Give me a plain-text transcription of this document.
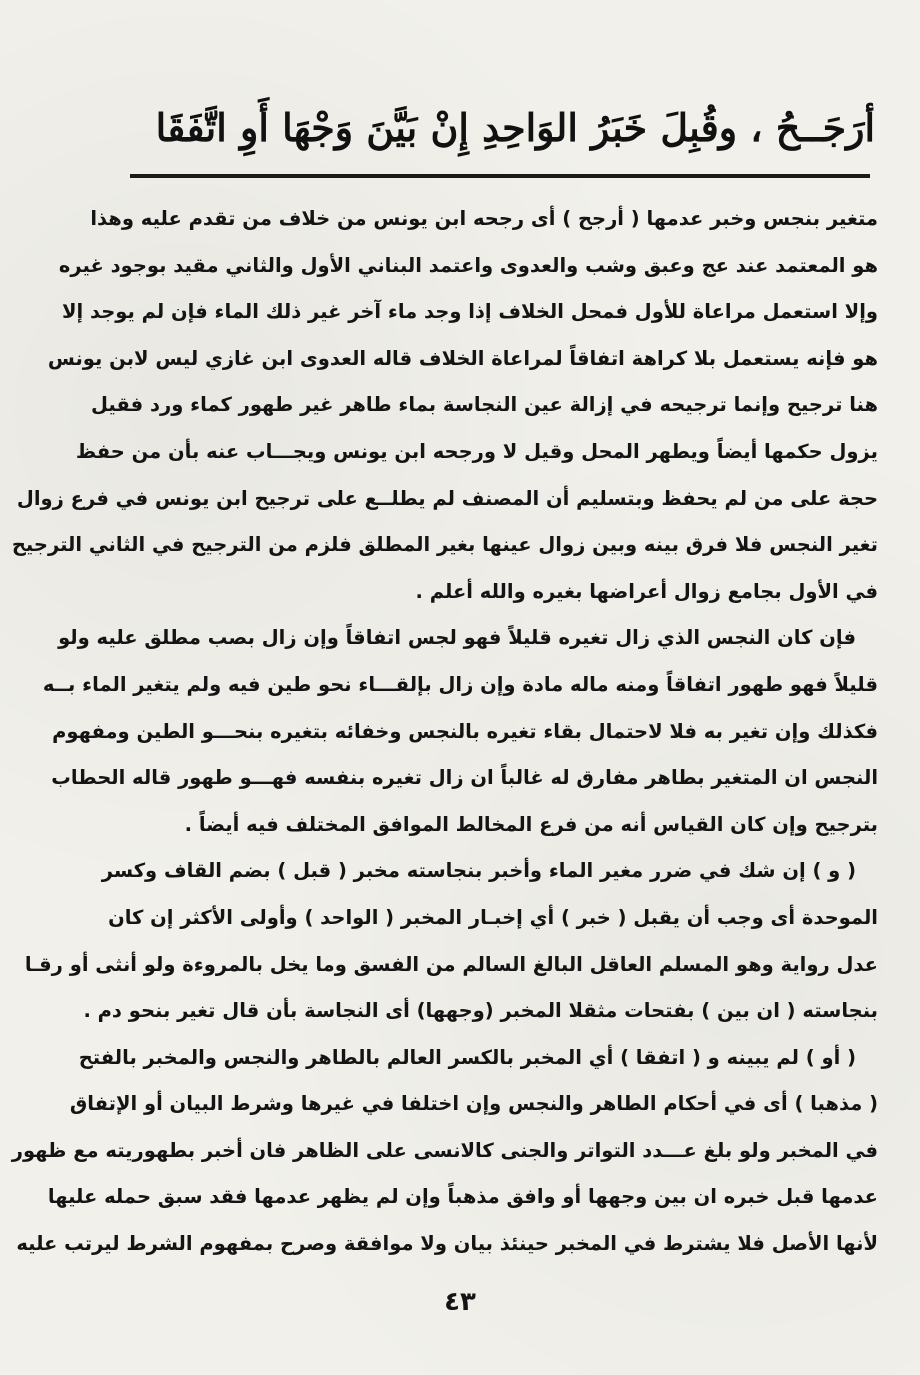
أرَجَــحُ ، وقُبِلَ خَبَرُ الوَاحِدِ إِنْ بَيَّنَ وَجْهَا أَوِ اتَّفَقَا
متغير بنجس وخبر عدمها ( أرجح ) أى رجحه ابن يونس من خلاف من تقدم عليه وهذا
هو المعتمد عند عج وعبق وشب والعدوى واعتمد البناني الأول والثاني مقيد بوجود غيره
وإلا استعمل مراعاة للأول فمحل الخلاف إذا وجد ماء آخر غير ذلك الماء فإن لم يوجد إلا
هو فإنه يستعمل بلا كراهة اتفاقاً لمراعاة الخلاف قاله العدوى ابن غازي ليس لابن يونس
هنا ترجيح وإنما ترجيحه في إزالة عين النجاسة بماء طاهر غير طهور كماء ورد فقيل
يزول حكمها أيضاً ويطهر المحل وقيل لا ورجحه ابن يونس ويجـــاب عنه بأن من حفظ
حجة على من لم يحفظ وبتسليم أن المصنف لم يطلــع على ترجيح ابن يونس في فرع زوال
تغير النجس فلا فرق بينه وبين زوال عينها بغير المطلق فلزم من الترجيح في الثاني الترجيح
في الأول بجامع زوال أعراضها بغيره والله أعلم .
فإن كان النجس الذي زال تغيره قليلاً فهو لجس اتفاقاً وإن زال بصب مطلق عليه ولو
قليلاً فهو طهور اتفاقاً ومنه ماله مادة وإن زال بإلقـــاء نحو طين فيه ولم يتغير الماء بــه
فكذلك وإن تغير به فلا لاحتمال بقاء تغيره بالنجس وخفائه بتغيره بنحـــو الطين ومفهوم
النجس ان المتغير بطاهر مفارق له غالباً ان زال تغيره بنفسه فهـــو طهور قاله الحطاب
بترجيح وإن كان القياس أنه من فرع المخالط الموافق المختلف فيه أيضاً .
( و ) إن شك في ضرر مغير الماء وأخبر بنجاسته مخبر ( قبل ) بضم القاف وكسر
الموحدة أى وجب أن يقبل ( خبر ) أي إخبـار المخبر ( الواحد ) وأولى الأكثر إن كان
عدل رواية وهو المسلم العاقل البالغ السالم من الفسق وما يخل بالمروءة ولو أنثى أو رقـا
بنجاسته ( ان بين ) بفتحات مثقلا المخبر (وجهها) أى النجاسة بأن قال تغير بنحو دم .
( أو ) لم يبينه و ( اتفقا ) أي المخبر بالكسر العالم بالطاهر والنجس والمخبر بالفتح
( مذهبا ) أى في أحكام الطاهر والنجس وإن اختلفا في غيرها وشرط البيان أو الإتفاق
في المخبر ولو بلغ عـــدد التواتر والجنى كالانسى على الظاهر فان أخبر بطهوريته مع ظهور
عدمها قبل خبره ان بين وجهها أو وافق مذهباً وإن لم يظهر عدمها فقد سبق حمله عليها
لأنها الأصل فلا يشترط في المخبر حينئذ بيان ولا موافقة وصرح بمفهوم الشرط ليرتب عليه
٤٣
